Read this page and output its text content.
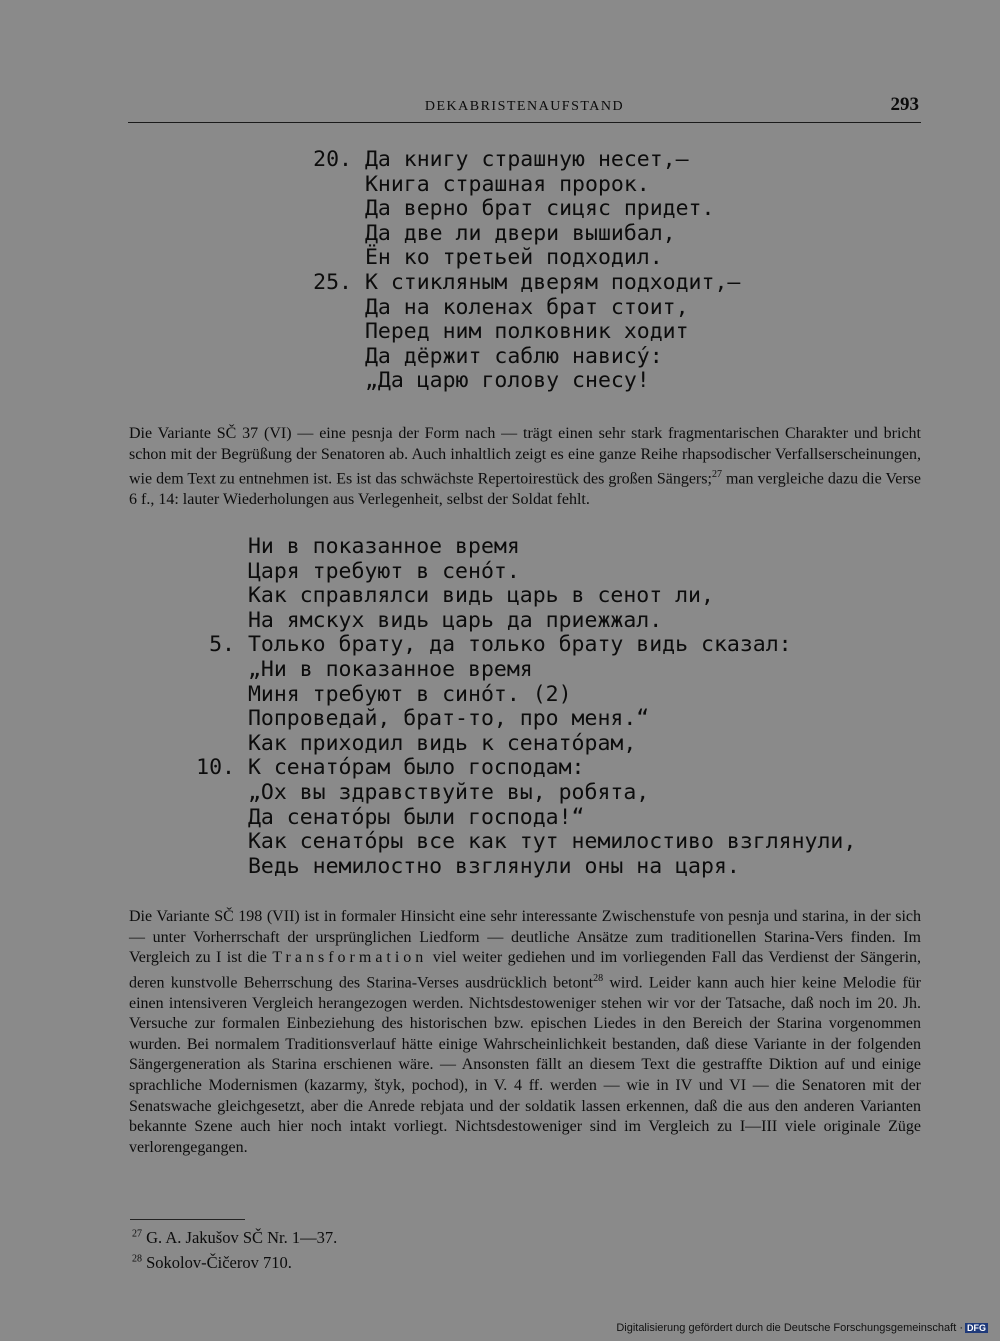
DEKABRISTENAUFSTAND	293
20. Да книгу страшную несет,—
Книга страшная пророк.
Да верно брат сицяс придет.
Да две ли двери вышибал,
Ён ко третьей подходил.
25. К стикляным дверям подходит,—
Да на коленах брат стоит,
Перед ним полковник ходит
Да дёржит саблю нависý:
„Да царю голову снесу!
Die Variante SČ 37 (VI) — eine pesnja der Form nach — trägt einen sehr stark fragmentarischen Charakter und bricht schon mit der Begrüßung der Senatoren ab. Auch inhaltlich zeigt es eine ganze Reihe rhapsodischer Verfallserscheinungen, wie dem Text zu entnehmen ist. Es ist das schwächste Repertoirestück des großen Sängers;$^{27}$ man vergleiche dazu die Verse 6 f., 14: lauter Wiederholungen aus Verlegenheit, selbst der Soldat fehlt.
Ни в показанное время
Царя требуют в сенóт.
Как справлялси видь царь в сенот ли,
На ямскух видь царь да приежжал.
5. Только брату, да только брату видь сказал:
„Ни в показанное время
Миня требуют в синóт. (2)
Попроведай, брат-то, про меня.“
Как приходил видь к сенатóрам,
10. К сенатóрам было господам:
„Ох вы здравствуйте вы, робята,
Да сенатóры были господа!“
Как сенатóры все как тут немилостиво взглянули,
Ведь немилостно взглянули оны на царя.
Die Variante SČ 198 (VII) ist in formaler Hinsicht eine sehr interessante Zwischenstufe von pesnja und starina, in der sich — unter Vorherrschaft der ursprünglichen Liedform — deutliche Ansätze zum traditionellen Starina-Vers finden. Im Vergleich zu I ist die Transformation viel weiter gediehen und im vorliegenden Fall das Verdienst der Sängerin, deren kunstvolle Beherrschung des Starina-Verses ausdrücklich betont$^{28}$ wird. Leider kann auch hier keine Melodie für einen intensiveren Vergleich herangezogen werden. Nichtsdestoweniger stehen wir vor der Tatsache, daß noch im 20. Jh. Versuche zur formalen Einbeziehung des historischen bzw. epischen Liedes in den Bereich der Starina vorgenommen wurden. Bei normalem Traditionsverlauf hätte einige Wahrscheinlichkeit bestanden, daß diese Variante in der folgenden Sängergeneration als Starina erschienen wäre. — Ansonsten fällt an diesem Text die gestraffte Diktion auf und einige sprachliche Modernismen (kazarmy, štyk, pochod), in V. 4 ff. werden — wie in IV und VI — die Senatoren mit der Senatswache gleichgesetzt, aber die Anrede rebjata und der soldatik lassen erkennen, daß die aus den anderen Varianten bekannte Szene auch hier noch intakt vorliegt. Nichtsdestoweniger sind im Vergleich zu I—III viele originale Züge verlorengegangen.
$^{27}$ G. A. Jakušov SČ Nr. 1—37.
$^{28}$ Sokolov-Čičerov 710.
Digitalisierung gefördert durch die Deutsche Forschungsgemeinschaft · DFG
